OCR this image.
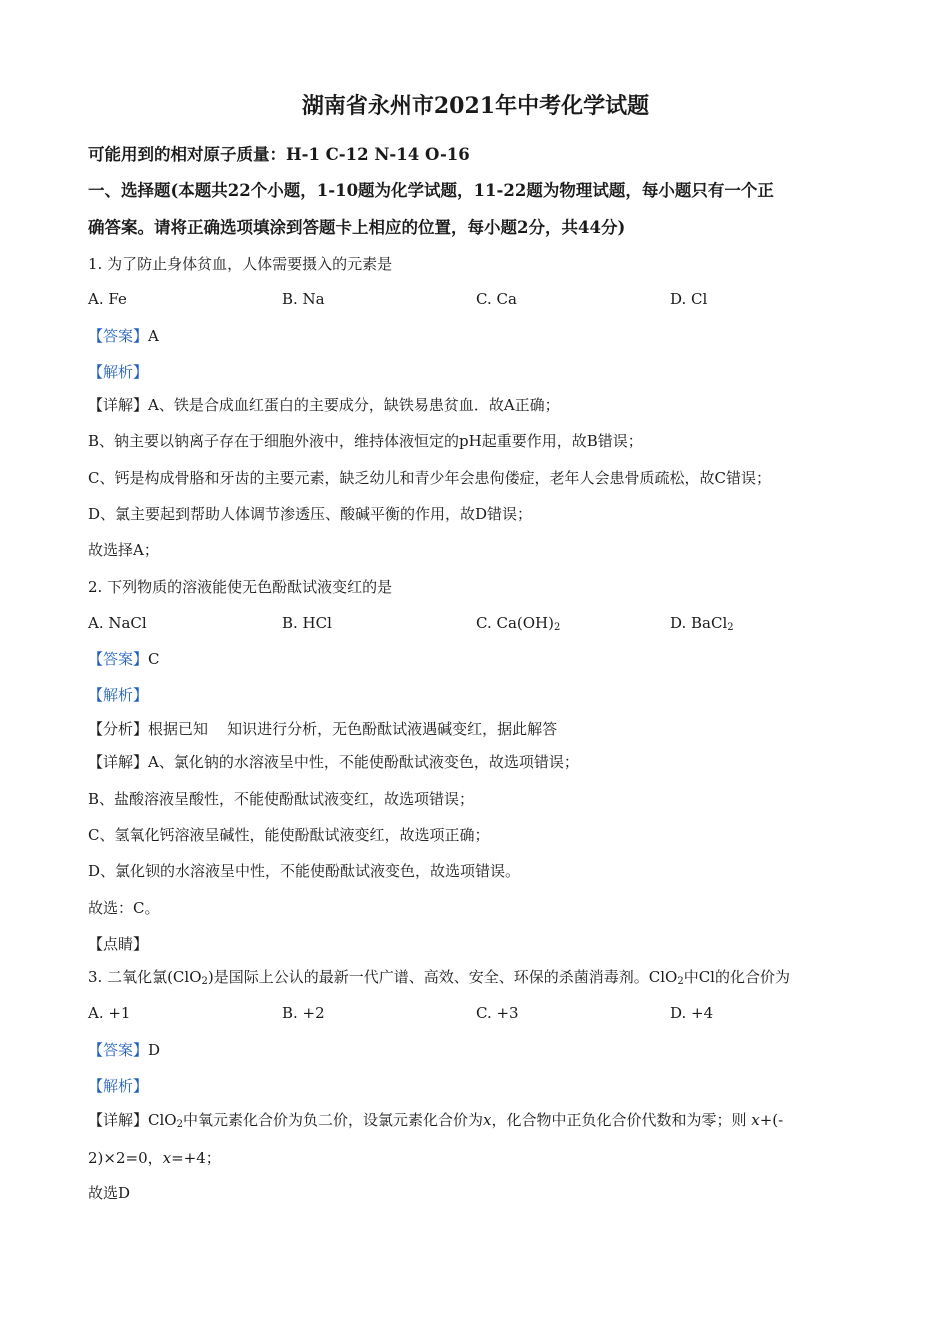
湖南省永州市2021年中考化学试题
可能用到的相对原子质量：H-1 C-12 N-14 O-16
一、选择题(本题共22个小题，1-10题为化学试题，11-22题为物理试题，每小题只有一个正
确答案。请将正确选项填涂到答题卡上相应的位置，每小题2分，共44分)
1. 为了防止身体贫血，人体需要摄入的元素是
A. Fe	B. Na	C. Ca	D. Cl
【答案】A
【解析】
【详解】A、铁是合成血红蛋白的主要成分，缺铁易患贫血．故A正确；
B、钠主要以钠离子存在于细胞外液中，维持体液恒定的pH起重要作用，故B错误；
C、钙是构成骨胳和牙齿的主要元素，缺乏幼儿和青少年会患佝偻症，老年人会患骨质疏松，故C错误；
D、氯主要起到帮助人体调节渗透压、酸碱平衡的作用，故D错误；
故选择A；
2. 下列物质的溶液能使无色酚酞试液变红的是
A. NaCl	B. HCl	C. $Ca(OH)_2$	D. BaCl$_2$
【答案】C
【解析】
【分析】根据已知    知识进行分析，无色酚酞试液遇碱变红，据此解答
【详解】A、氯化钠的水溶液呈中性，不能使酚酞试液变色，故选项错误；
B、盐酸溶液呈酸性，不能使酚酞试液变红，故选项错误；
C、氢氧化钙溶液呈碱性，能使酚酞试液变红，故选项正确；
D、氯化钡的水溶液呈中性，不能使酚酞试液变色，故选项错误。
故选：C。
【点睛】
3. 二氧化氯(ClO$_2$)是国际上公认的最新一代广谱、高效、安全、环保的杀菌消毒剂。ClO$_2$中Cl的化合价为
A. +1	B. +2	C. +3	D. +4
【答案】D
【解析】
【详解】ClO$_2$中氧元素化合价为负二价，设氯元素化合价为x，化合物中正负化合价代数和为零；则 x+(-
2)×2=0，x=+4；
故选D
